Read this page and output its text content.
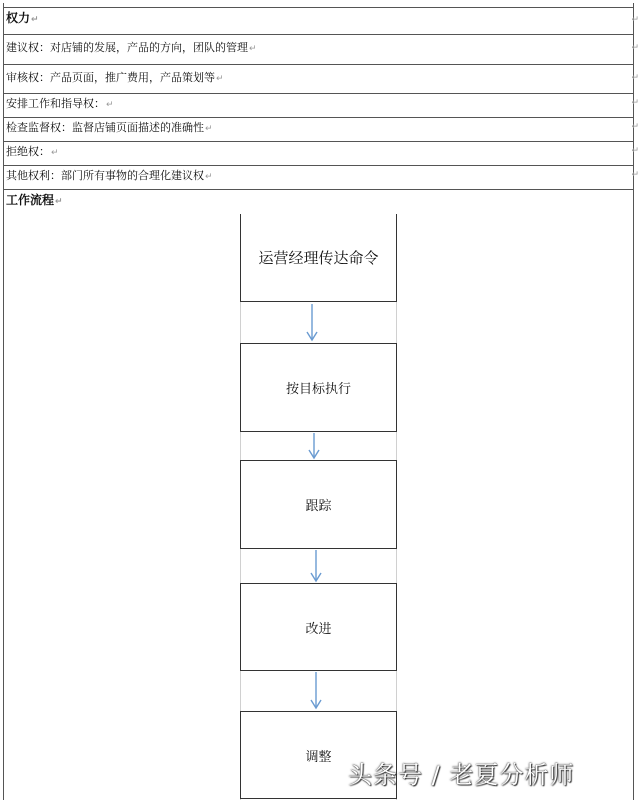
权力↵
建议权：对店铺的发展，产品的方向，团队的管理↵
审核权：产品页面，推广费用，产品策划等↵
安排工作和指导权：↵
检查监督权：监督店铺页面描述的准确性↵
拒绝权：↵
其他权利：部门所有事物的合理化建议权↵
工作流程↵
↵
↵
↵
↵
↵
↵
↵
运营经理传达命令
按目标执行
跟踪
改进
调整
头条号 / 老夏分析师
